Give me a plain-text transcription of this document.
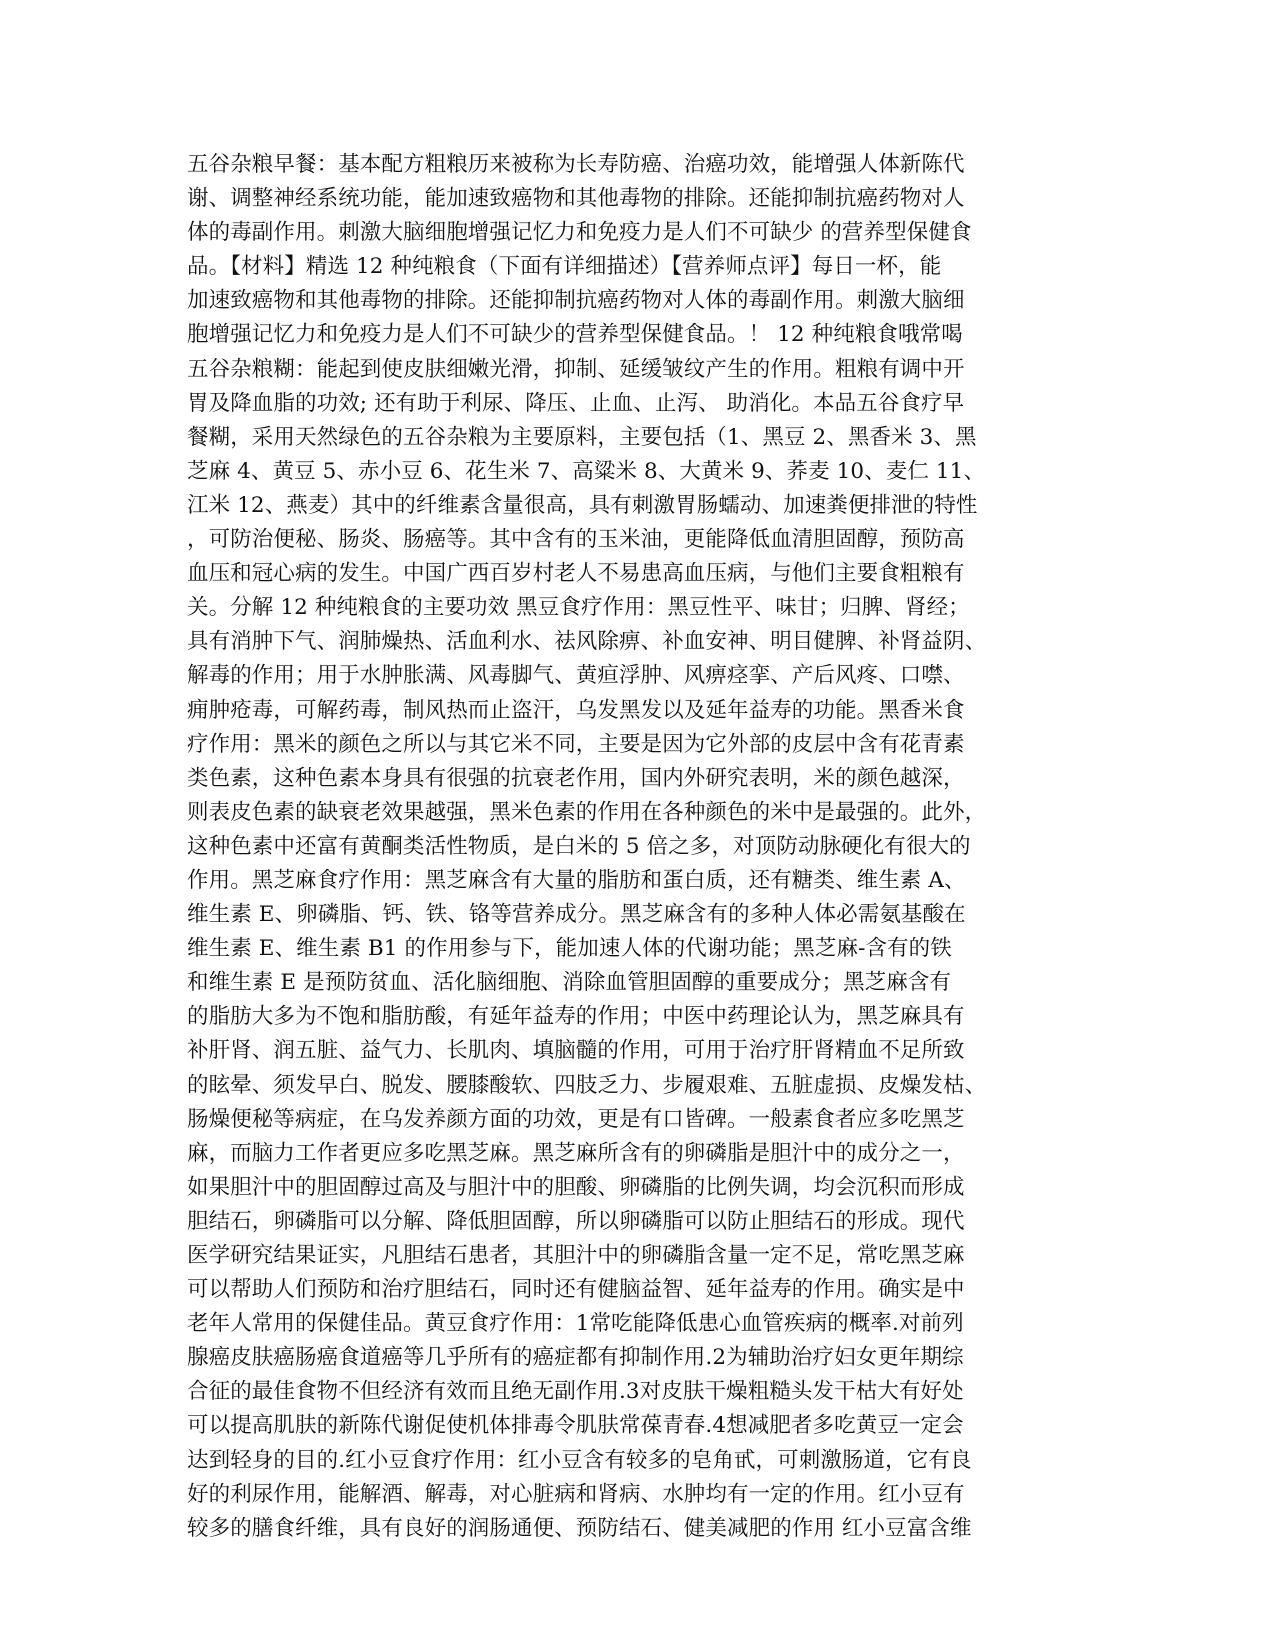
五谷杂粮早餐：基本配方粗粮历来被称为长寿防癌、治癌功效，能增强人体新陈代
谢、调整神经系统功能，能加速致癌物和其他毒物的排除。还能抑制抗癌药物对人
体的毒副作用。刺激大脑细胞增强记忆力和免疫力是人们不可缺少 的营养型保健食
品。【材料】精选 12 种纯粮食（下面有详细描述）【营养师点评】每日一杯，能
加速致癌物和其他毒物的排除。还能抑制抗癌药物对人体的毒副作用。刺激大脑细
胞增强记忆力和免疫力是人们不可缺少的营养型保健食品。！ 12 种纯粮食哦常喝
五谷杂粮糊：能起到使皮肤细嫩光滑，抑制、延缓皱纹产生的作用。粗粮有调中开
胃及降血脂的功效; 还有助于利尿、降压、止血、止泻、 助消化。本品五谷食疗早
餐糊，采用天然绿色的五谷杂粮为主要原料，主要包括（1、黑豆 2、黑香米 3、黑
芝麻 4、黄豆 5、赤小豆 6、花生米 7、高粱米 8、大黄米 9、荞麦 10、麦仁 11、
江米 12、燕麦）其中的纤维素含量很高，具有刺激胃肠蠕动、加速粪便排泄的特性
，可防治便秘、肠炎、肠癌等。其中含有的玉米油，更能降低血清胆固醇，预防高
血压和冠心病的发生。中国广西百岁村老人不易患高血压病，与他们主要食粗粮有
关。分解 12 种纯粮食的主要功效 黑豆食疗作用：黑豆性平、味甘；归脾、肾经；
具有消肿下气、润肺燥热、活血利水、祛风除痹、补血安神、明目健脾、补肾益阴、
解毒的作用；用于水肿胀满、风毒脚气、黄疸浮肿、风痹痉挛、产后风疼、口噤、
痈肿疮毒，可解药毒，制风热而止盗汗，乌发黑发以及延年益寿的功能。黑香米食
疗作用：黑米的颜色之所以与其它米不同，主要是因为它外部的皮层中含有花青素
类色素，这种色素本身具有很强的抗衰老作用，国内外研究表明，米的颜色越深，
则表皮色素的缺衰老效果越强，黑米色素的作用在各种颜色的米中是最强的。此外，
这种色素中还富有黄酮类活性物质，是白米的 5 倍之多，对顶防动脉硬化有很大的
作用。黑芝麻食疗作用：黑芝麻含有大量的脂肪和蛋白质，还有糖类、维生素 A、
维生素 E、卵磷脂、钙、铁、铬等营养成分。黑芝麻含有的多种人体必需氨基酸在
维生素 E、维生素 B1 的作用参与下，能加速人体的代谢功能；黑芝麻-含有的铁
和维生素 E 是预防贫血、活化脑细胞、消除血管胆固醇的重要成分；黑芝麻含有
的脂肪大多为不饱和脂肪酸，有延年益寿的作用；中医中药理论认为，黑芝麻具有
补肝肾、润五脏、益气力、长肌肉、填脑髓的作用，可用于治疗肝肾精血不足所致
的眩晕、须发早白、脱发、腰膝酸软、四肢乏力、步履艰难、五脏虚损、皮燥发枯、
肠燥便秘等病症，在乌发养颜方面的功效，更是有口皆碑。一般素食者应多吃黑芝
麻，而脑力工作者更应多吃黑芝麻。黑芝麻所含有的卵磷脂是胆汁中的成分之一，
如果胆汁中的胆固醇过高及与胆汁中的胆酸、卵磷脂的比例失调，均会沉积而形成
胆结石，卵磷脂可以分解、降低胆固醇，所以卵磷脂可以防止胆结石的形成。现代
医学研究结果证实，凡胆结石患者，其胆汁中的卵磷脂含量一定不足，常吃黑芝麻
可以帮助人们预防和治疗胆结石，同时还有健脑益智、延年益寿的作用。确实是中
老年人常用的保健佳品。黄豆食疗作用：1常吃能降低患心血管疾病的概率.对前列
腺癌皮肤癌肠癌食道癌等几乎所有的癌症都有抑制作用.2为辅助治疗妇女更年期综
合征的最佳食物不但经济有效而且绝无副作用.3对皮肤干燥粗糙头发干枯大有好处
可以提高肌肤的新陈代谢促使机体排毒令肌肤常葆青春.4想减肥者多吃黄豆一定会
达到轻身的目的.红小豆食疗作用：红小豆含有较多的皂角甙，可刺激肠道，它有良
好的利尿作用，能解酒、解毒，对心脏病和肾病、水肿均有一定的作用。红小豆有
较多的膳食纤维，具有良好的润肠通便、预防结石、健美减肥的作用 红小豆富含维
